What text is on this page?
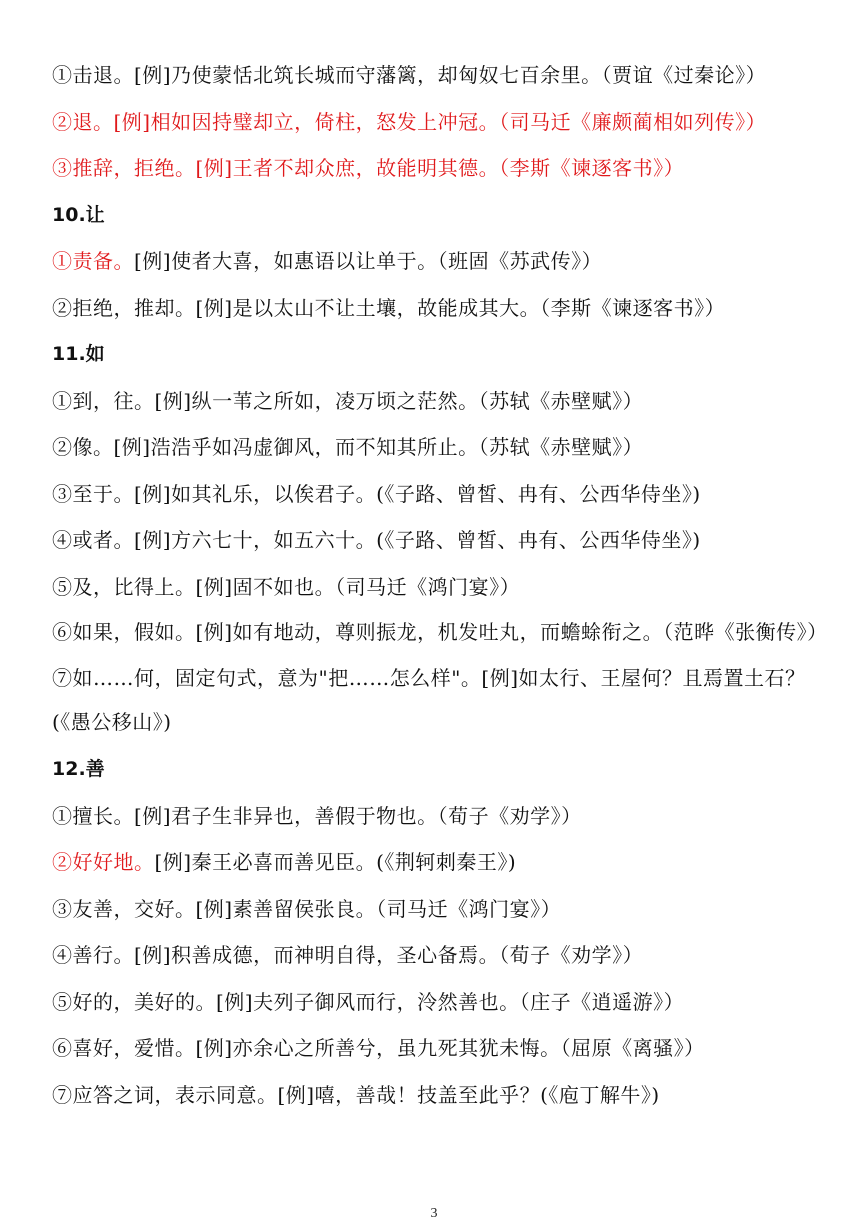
①击退。[例]乃使蒙恬北筑长城而守藩篱，却匈奴七百余里。（贾谊《过秦论》）
②退。[例]相如因持璧却立，倚柱，怒发上冲冠。（司马迁《廉颇蔺相如列传》）
③推辞，拒绝。[例]王者不却众庶，故能明其德。（李斯《谏逐客书》）
10.让
①责备。[例]使者大喜，如惠语以让单于。（班固《苏武传》）
②拒绝，推却。[例]是以太山不让土壤，故能成其大。（李斯《谏逐客书》）
11.如
①到，往。[例]纵一苇之所如，凌万顷之茫然。（苏轼《赤壁赋》）
②像。[例]浩浩乎如冯虚御风，而不知其所止。（苏轼《赤壁赋》）
③至于。[例]如其礼乐，以俟君子。(《子路、曾皙、冉有、公西华侍坐》)
④或者。[例]方六七十，如五六十。(《子路、曾皙、冉有、公西华侍坐》)
⑤及，比得上。[例]固不如也。（司马迁《鸿门宴》）
⑥如果，假如。[例]如有地动，尊则振龙，机发吐丸，而蟾蜍衔之。（范晔《张衡传》）
⑦如……何，固定句式，意为"把……怎么样"。[例]如太行、王屋何？且焉置土石？(《愚公移山》)
12.善
①擅长。[例]君子生非异也，善假于物也。（荀子《劝学》）
②好好地。[例]秦王必喜而善见臣。(《荆轲刺秦王》)
③友善，交好。[例]素善留侯张良。（司马迁《鸿门宴》）
④善行。[例]积善成德，而神明自得，圣心备焉。（荀子《劝学》）
⑤好的，美好的。[例]夫列子御风而行，泠然善也。（庄子《逍遥游》）
⑥喜好，爱惜。[例]亦余心之所善兮，虽九死其犹未悔。（屈原《离骚》）
⑦应答之词，表示同意。[例]嘻，善哉！技盖至此乎？(《庖丁解牛》)
3
